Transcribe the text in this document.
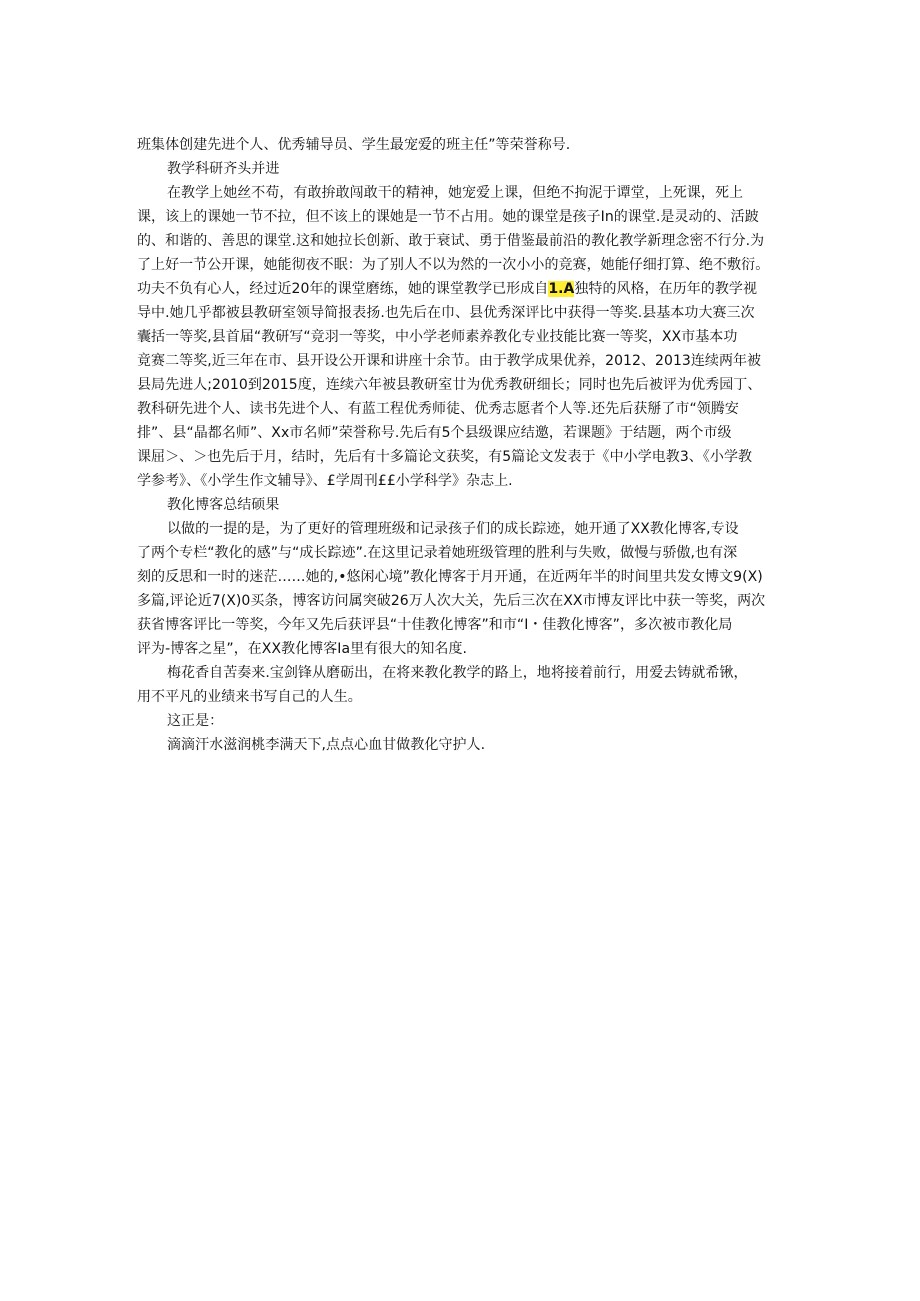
班集体创建先进个人、优秀辅导员、学生最宠爱的班主任”等荣誉称号.
教学科研齐头并进
在教学上她丝不苟，有敢拚敢闯敢干的精神，她宠爱上课，但绝不拘泥于谭堂，上死课，死上
课，该上的课她一节不拉，但不该上的课她是一节不占用。她的课堂是孩子In的课堂.是灵动的、活跛
的、和谐的、善思的课堂.这和她拉长创新、敢于衰试、勇于借鉴最前沿的教化教学新理念密不行分.为
了上好一节公开课，她能彻夜不眠：为了别人不以为然的一次小小的竞赛，她能仔细打算、绝不敷衍。
功夫不负有心人，经过近20年的课堂磨练，她的课堂教学已形成自1.A独特的风格，在历年的教学视
导中.她几乎都被县教研室领导简报表扬.也先后在巾、县优秀深评比中获得一等奖.县基本功大赛三次
囊括一等奖,县首届“教研写“竞羽一等奖，中小学老师素养教化专业技能比赛一等奖，XX市基本功
竟赛二等奖,近三年在市、县开设公开课和讲座十余节。由于教学成果优养，2012、2013连续两年被
县局先进人;2010到2015度，连续六年被县教研室廿为优秀教研细长；同时也先后被评为优秀园丁、
教科研先进个人、读书先进个人、有蓝工程优秀师徒、优秀志愿者个人等.还先后获掰了市“领腾安
排”、县“晶都名师”、Xx市名师”荣誉称号.先后有5个县级课应结邀，若课题》于结题，两个市级
课屈＞、＞也先后于月，结时，先后有十多篇论文获奖，有5篇论文发表于《中小学电教3、《小学教
学参考》、《小学生作文辅导》、£学周刊££小学科学》杂志上.
教化博客总结硕果
以做的一提的是，为了更好的管理班级和记录孩子们的成长踪迹，她开通了XX教化博客,专设
了两个专栏“教化的感”与“成长踪迹”.在这里记录着她班级管理的胜利与失败，做慢与骄傲,也有深
刻的反思和一时的迷茫……她的,•悠闲心境”教化博客于月开通，在近两年半的时间里共发女博文9(X)
多篇,评论近7(X)0买条，博客访问属突破26万人次大关，先后三次在XX市博友评比中获一等奖，两次
获省博客评比一等奖，今年又先后获评县“十佳教化博客”和市“I・佳教化博客”，多次被市教化局
评为-博客之星”，在XX教化博客Ia里有很大的知名度.
梅花香自苦奏来.宝剑锋从磨砺出，在将来教化教学的路上，地将接着前行，用爱去铸就希锹，
用不平凡的业绩来书写自己的人生。
这正是：
滴滴汗水滋润桃李满天下,点点心血甘做教化守护人.
